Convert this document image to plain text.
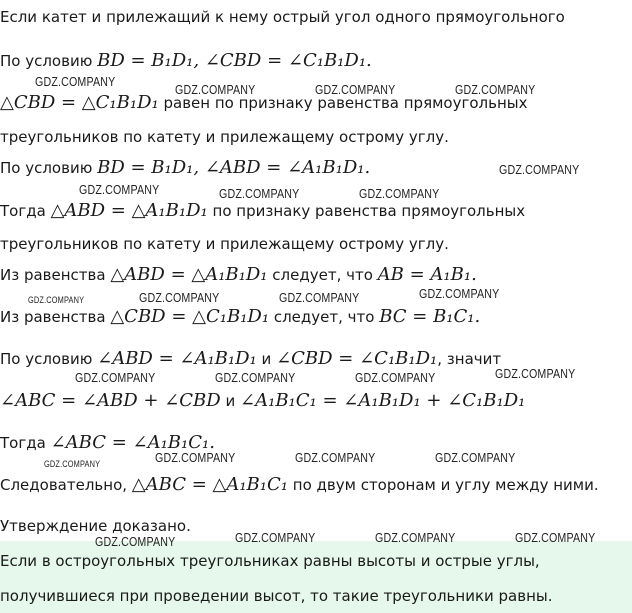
Если катет и прилежащий к нему острый угол одного прямоугольного
По условию BD = B₁D₁, ∠CBD = ∠C₁B₁D₁.
△CBD = △C₁B₁D₁ равен по признаку равенства прямоугольных
треугольников по катету и прилежащему острому углу.
По условию BD = B₁D₁, ∠ABD = ∠A₁B₁D₁.
Тогда △ABD = △A₁B₁D₁ по признаку равенства прямоугольных
треугольников по катету и прилежащему острому углу.
Из равенства △ABD = △A₁B₁D₁ следует, что AB = A₁B₁.
Из равенства △CBD = △C₁B₁D₁ следует, что BC = B₁C₁.
По условию ∠ABD = ∠A₁B₁D₁ и ∠CBD = ∠C₁B₁D₁, значит
∠ABC = ∠ABD + ∠CBD и ∠A₁B₁C₁ = ∠A₁B₁D₁ + ∠C₁B₁D₁
Тогда ∠ABC = ∠A₁B₁C₁.
Следовательно, △ABC = △A₁B₁C₁ по двум сторонам и углу между ними.
Утверждение доказано.
Если в остроугольных треугольниках равны высоты и острые углы,
получившиеся при проведении высот, то такие треугольники равны.
GDZ.COMPANY
GDZ.COMPANY	GDZ.COMPANY	GDZ.COMPANY
GDZ.COMPANY
GDZ.COMPANY	GDZ.COMPANY	GDZ.COMPANY
GDZ.COMPANY	GDZ.COMPANY	GDZ.COMPANY	GDZ.COMPANY
GDZ.COMPANY	GDZ.COMPANY	GDZ.COMPANY	GDZ.COMPANY
GDZ.COMPANY	GDZ.COMPANY	GDZ.COMPANY	GDZ.COMPANY
GDZ.COMPANY	GDZ.COMPANY	GDZ.COMPANY	GDZ.COMPANY
